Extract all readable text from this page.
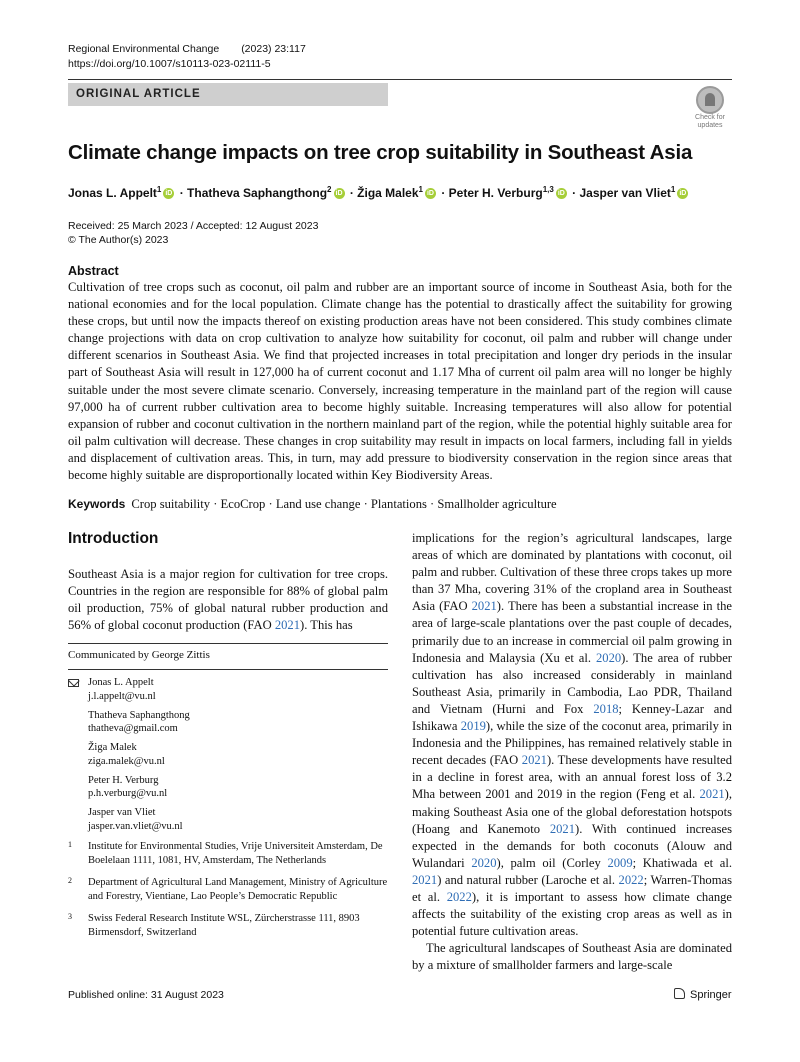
Regional Environmental Change (2023) 23:117
https://doi.org/10.1007/s10113-023-02111-5
ORIGINAL ARTICLE
Check for
updates
Climate change impacts on tree crop suitability in Southeast Asia
Jonas L. Appelt$^1$ iD · Thatheva Saphangthong$^2$ iD · Žiga Malek$^1$ iD · Peter H. Verburg$^{1,3}$ iD · Jasper van Vliet$^1$ iD
Received: 25 March 2023 / Accepted: 12 August 2023
© The Author(s) 2023
Abstract
Cultivation of tree crops such as coconut, oil palm and rubber are an important source of income in Southeast Asia, both for the national economies and for the local population. Climate change has the potential to drastically affect the suitability for growing these crops, but until now the impacts thereof on existing production areas have not been considered. This study combines climate change projections with data on crop cultivation to analyze how suitability for coconut, oil palm and rubber will change under different scenarios in Southeast Asia. We find that projected increases in total precipitation and longer dry periods in the insular part of Southeast Asia will result in 127,000 ha of current coconut and 1.17 Mha of current oil palm area will no longer be highly suitable under the most severe climate scenario. Conversely, increasing temperature in the mainland part of the region will cause 97,000 ha of current rubber cultivation area to become highly suitable. Increasing temperatures will also allow for potential expansion of rubber and coconut cultivation in the northern mainland part of the region, while the potential highly suitable area for oil palm cultivation will decrease. These changes in crop suitability may result in impacts on local farmers, including fall in yields and displacement of cultivation areas. This, in turn, may add pressure to biodiversity conservation in the region since areas that become highly suitable are disproportionally located within Key Biodiversity Areas.
Keywords Crop suitability · EcoCrop · Land use change · Plantations · Smallholder agriculture
Introduction
Southeast Asia is a major region for cultivation for tree crops. Countries in the region are responsible for 88% of global palm oil production, 75% of global natural rubber production and 56% of global coconut production (FAO 2021). This has
Communicated by George Zittis
Jonas L. Appelt
j.l.appelt@vu.nl
Thatheva Saphangthong
thatheva@gmail.com
Žiga Malek
ziga.malek@vu.nl
Peter H. Verburg
p.h.verburg@vu.nl
Jasper van Vliet
jasper.van.vliet@vu.nl
1 Institute for Environmental Studies, Vrije Universiteit Amsterdam, De Boelelaan 1111, 1081, HV, Amsterdam, The Netherlands
2 Department of Agricultural Land Management, Ministry of Agriculture and Forestry, Vientiane, Lao People’s Democratic Republic
3 Swiss Federal Research Institute WSL, Zürcherstrasse 111, 8903 Birmensdorf, Switzerland
implications for the region’s agricultural landscapes, large areas of which are dominated by plantations with coconut, oil palm and rubber. Cultivation of these three crops takes up more than 37 Mha, covering 31% of the cropland area in Southeast Asia (FAO 2021). There has been a substantial increase in the area of large-scale plantations over the past couple of decades, primarily due to an increase in commercial oil palm growing in Indonesia and Malaysia (Xu et al. 2020). The area of rubber cultivation has also increased considerably in mainland Southeast Asia, primarily in Cambodia, Lao PDR, Thailand and Vietnam (Hurni and Fox 2018; Kenney-Lazar and Ishikawa 2019), while the size of the coconut area, primarily in Indonesia and the Philippines, has remained relatively stable in recent decades (FAO 2021). These developments have resulted in a decline in forest area, with an annual forest loss of 3.2 Mha between 2001 and 2019 in the region (Feng et al. 2021), making Southeast Asia one of the global deforestation hotspots (Hoang and Kanemoto 2021). With continued increases expected in the demands for both coconuts (Alouw and Wulandari 2020), palm oil (Corley 2009; Khatiwada et al. 2021) and natural rubber (Laroche et al. 2022; Warren-Thomas et al. 2022), it is important to assess how climate change affects the suitability of the existing crop areas as well as in potential future cultivation areas.
The agricultural landscapes of Southeast Asia are dominated by a mixture of smallholder farmers and large-scale
Published online: 31 August 2023	Springer
